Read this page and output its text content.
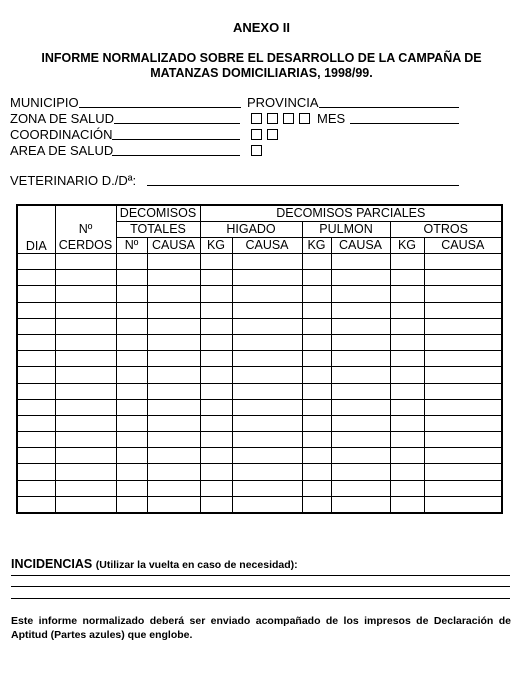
ANEXO II
INFORME NORMALIZADO SOBRE EL DESARROLLO DE LA CAMPAÑA DE
MATANZAS DOMICILIARIAS, 1998/99.
MUNICIPIO	PROVINCIA
ZONA DE SALUD	MES
COORDINACIÓN
AREA DE SALUD
VETERINARIO D./Dª:
DIA		DECOMISOS		DECOMISOS PARCIALES					
	Nº	TOTALES		HIGADO		PULMON		OTROS	
	CERDOS	Nº	CAUSA	KG	CAUSA	KG	CAUSA	KG	CAUSA

INCIDENCIAS (Utilizar la vuelta en caso de necesidad):
Este informe normalizado deberá ser enviado acompañado de los impresos de Declaración de Aptitud (Partes azules) que englobe.
